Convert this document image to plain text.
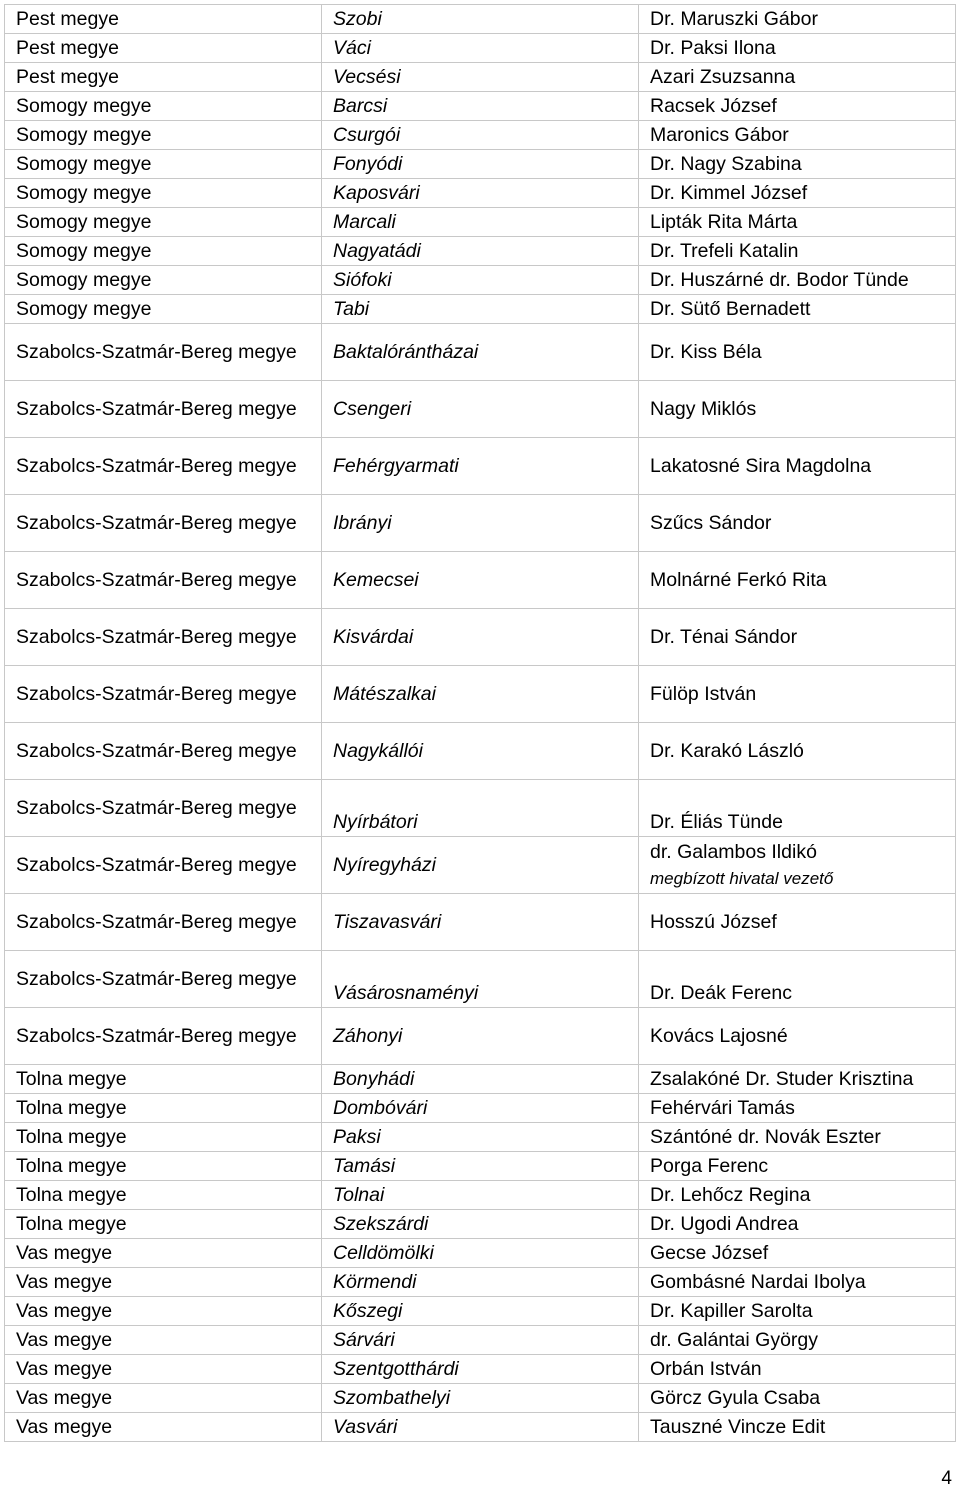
Pest megye	Szobi	Dr. Maruszki Gábor
Pest megye	Váci	Dr. Paksi Ilona
Pest megye	Vecsési	Azari Zsuzsanna
Somogy megye	Barcsi	Racsek József
Somogy megye	Csurgói	Maronics Gábor
Somogy megye	Fonyódi	Dr. Nagy Szabina
Somogy megye	Kaposvári	Dr. Kimmel József
Somogy megye	Marcali	Lipták Rita Márta
Somogy megye	Nagyatádi	Dr. Trefeli Katalin
Somogy megye	Siófoki	Dr. Huszárné dr. Bodor Tünde
Somogy megye	Tabi	Dr. Sütő Bernadett
Szabolcs-Szatmár-Bereg megye	Baktalórántházai	Dr. Kiss Béla
Szabolcs-Szatmár-Bereg megye	Csengeri	Nagy Miklós
Szabolcs-Szatmár-Bereg megye	Fehérgyarmati	Lakatosné Sira Magdolna
Szabolcs-Szatmár-Bereg megye	Ibrányi	Szűcs Sándor
Szabolcs-Szatmár-Bereg megye	Kemecsei	Molnárné Ferkó Rita
Szabolcs-Szatmár-Bereg megye	Kisvárdai	Dr. Ténai Sándor
Szabolcs-Szatmár-Bereg megye	Mátészalkai	Fülöp István
Szabolcs-Szatmár-Bereg megye	Nagykállói	Dr. Karakó László
Szabolcs-Szatmár-Bereg megye	Nyírbátori	Dr. Éliás Tünde
Szabolcs-Szatmár-Bereg megye	Nyíregyházi	dr. Galambos Ildikó
megbízott hivatal vezető

Szabolcs-Szatmár-Bereg megye	Tiszavasvári	Hosszú József
Szabolcs-Szatmár-Bereg megye	Vásárosnaményi	Dr. Deák Ferenc
Szabolcs-Szatmár-Bereg megye	Záhonyi	Kovács Lajosné
Tolna megye	Bonyhádi	Zsalakóné Dr. Studer Krisztina
Tolna megye	Dombóvári	Fehérvári Tamás
Tolna megye	Paksi	Szántóné dr. Novák Eszter
Tolna megye	Tamási	Porga Ferenc
Tolna megye	Tolnai	Dr. Lehőcz Regina
Tolna megye	Szekszárdi	Dr. Ugodi Andrea
Vas megye	Celldömölki	Gecse József
Vas megye	Körmendi	Gombásné Nardai Ibolya
Vas megye	Kőszegi	Dr. Kapiller Sarolta
Vas megye	Sárvári	dr. Galántai György
Vas megye	Szentgotthárdi	Orbán István
Vas megye	Szombathelyi	Görcz Gyula Csaba
Vas megye	Vasvári	Tauszné Vincze Edit
4
